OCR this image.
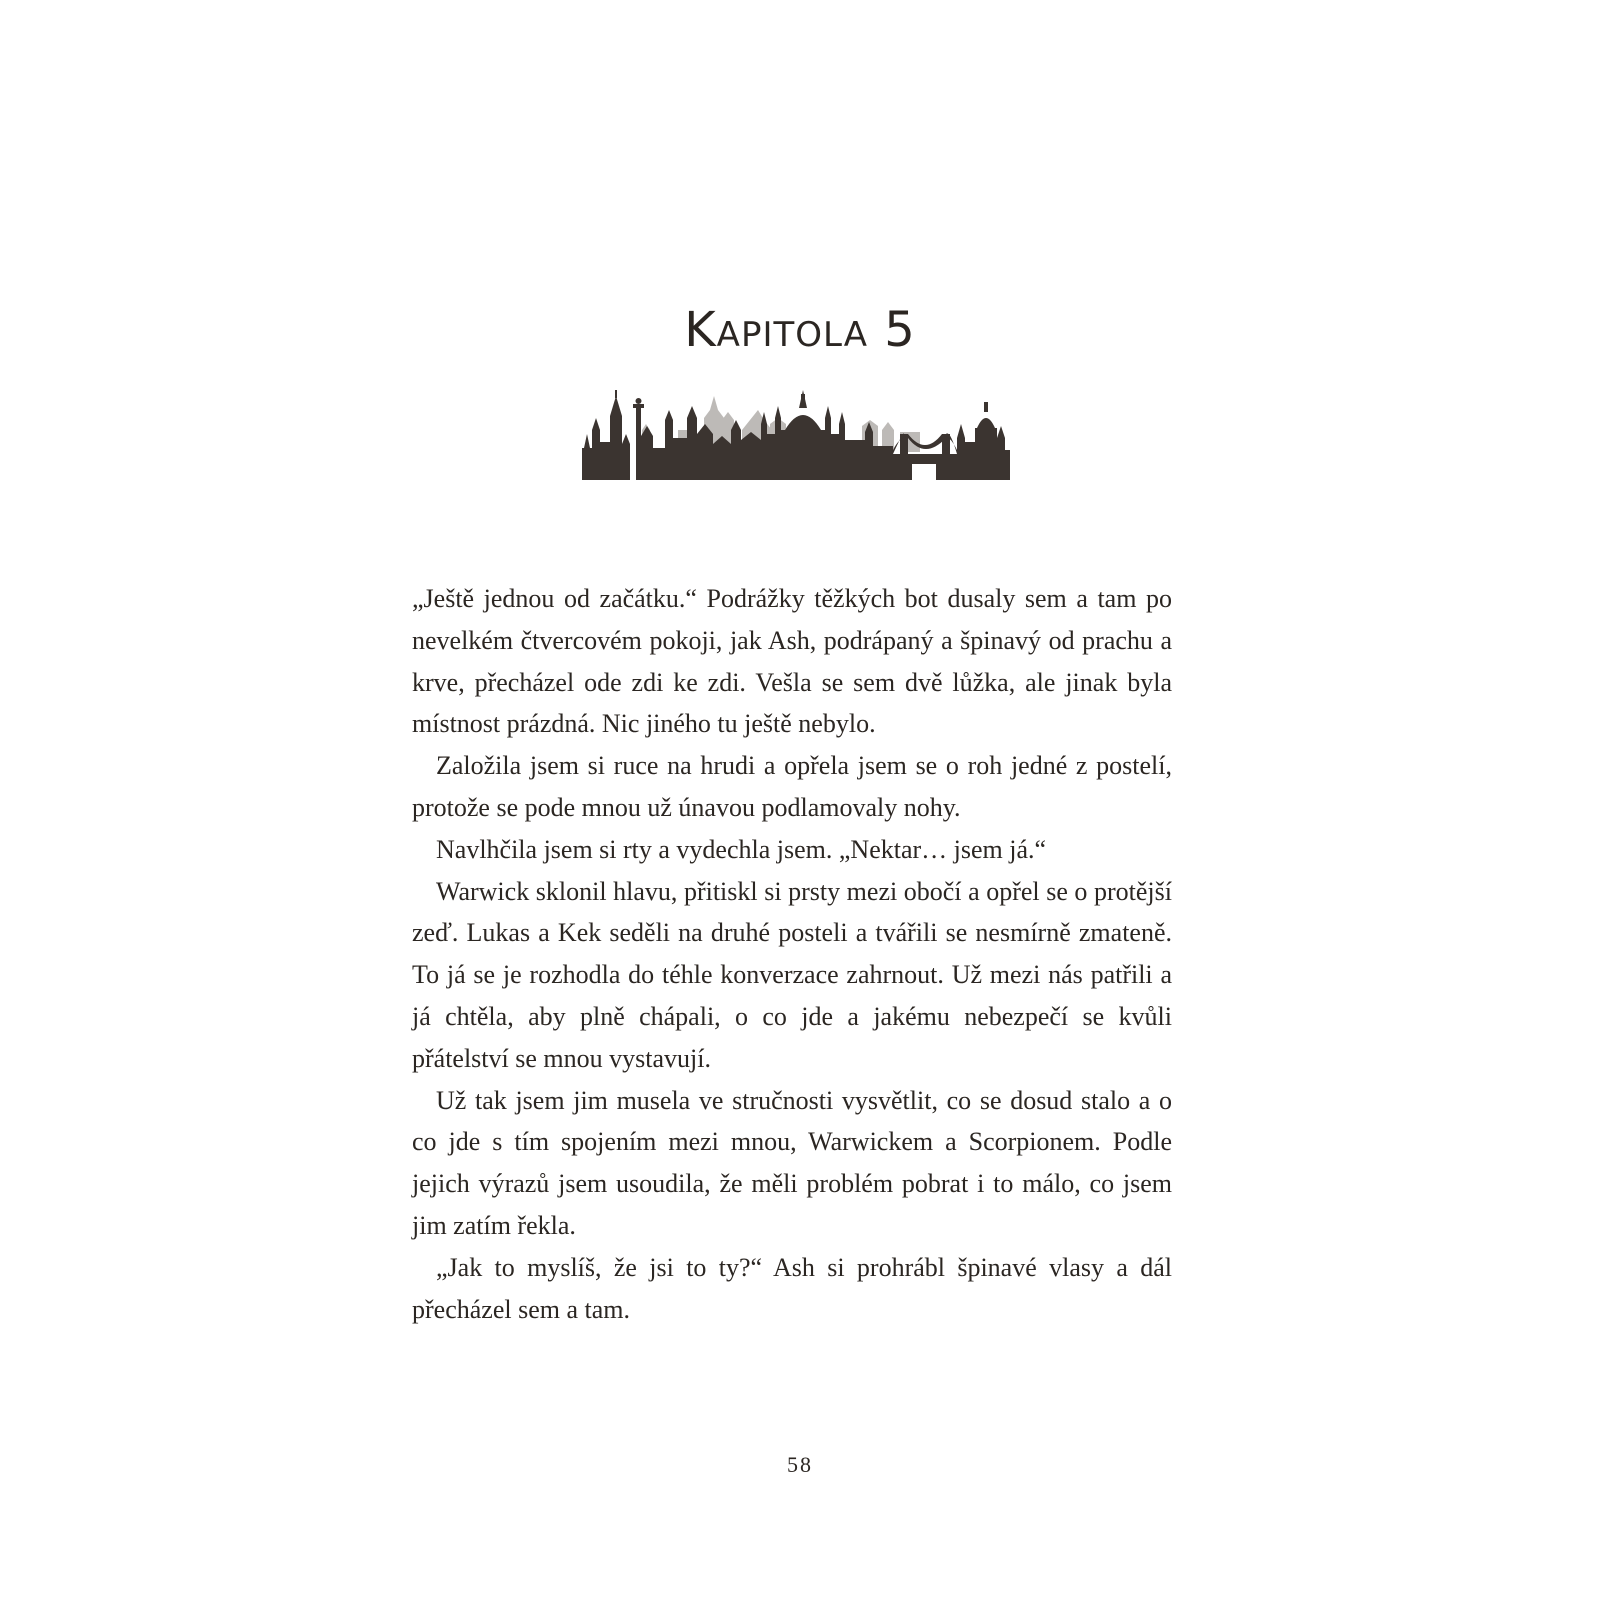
Kapitola 5

„Ještě jednou od začátku.“ Podrážky těžkých bot dusaly sem a tam po nevelkém čtvercovém pokoji, jak Ash, podrápaný a špinavý od prachu a krve, přecházel ode zdi ke zdi. Vešla se sem dvě lůžka, ale jinak byla místnost prázdná. Nic jiného tu ještě nebylo.

Založila jsem si ruce na hrudi a opřela jsem se o roh jedné z postelí, protože se pode mnou už únavou podlamovaly nohy.

Navlhčila jsem si rty a vydechla jsem. „Nektar… jsem já.“

Warwick sklonil hlavu, přitiskl si prsty mezi obočí a opřel se o protější zeď. Lukas a Kek seděli na druhé posteli a tvářili se nesmírně zmateně. To já se je rozhodla do téhle konverzace zahrnout. Už mezi nás patřili a já chtěla, aby plně chápali, o co jde a jakému nebezpečí se kvůli přátelství se mnou vystavují.

Už tak jsem jim musela ve stručnosti vysvětlit, co se dosud stalo a o co jde s tím spojením mezi mnou, Warwickem a Scorpionem. Podle jejich výrazů jsem usoudila, že měli problém pobrat i to málo, co jsem jim zatím řekla.

„Jak to myslíš, že jsi to ty?“ Ash si prohrábl špinavé vlasy a dál přecházel sem a tam.

58
